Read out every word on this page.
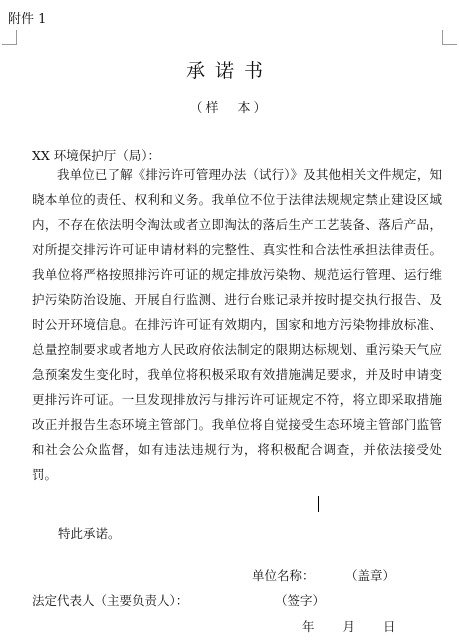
附件 1
承诺书
（样　本）
XX 环境保护厅（局）：

我单位已了解《排污许可管理办法（试行）》及其他相关文件规定，知晓本单位的责任、权利和义务。我单位不位于法律法规规定禁止建设区域内，不存在依法明令淘汰或者立即淘汰的落后生产工艺装备、落后产品，对所提交排污许可证申请材料的完整性、真实性和合法性承担法律责任。我单位将严格按照排污许可证的规定排放污染物、规范运行管理、运行维护污染防治设施、开展自行监测、进行台账记录并按时提交执行报告、及时公开环境信息。在排污许可证有效期内，国家和地方污染物排放标准、总量控制要求或者地方人民政府依法制定的限期达标规划、重污染天气应急预案发生变化时，我单位将积极采取有效措施满足要求，并及时申请变更排污许可证。一旦发现排放污与排污许可证规定不符，将立即采取措施改正并报告生态环境主管部门。我单位将自觉接受生态环境主管部门监管和社会公众监督，如有违法违规行为，将积极配合调查，并依法接受处罚。

特此承诺。
单位名称： （盖章）
法定代表人（主要负责人）：	（签字）
年 月 日
